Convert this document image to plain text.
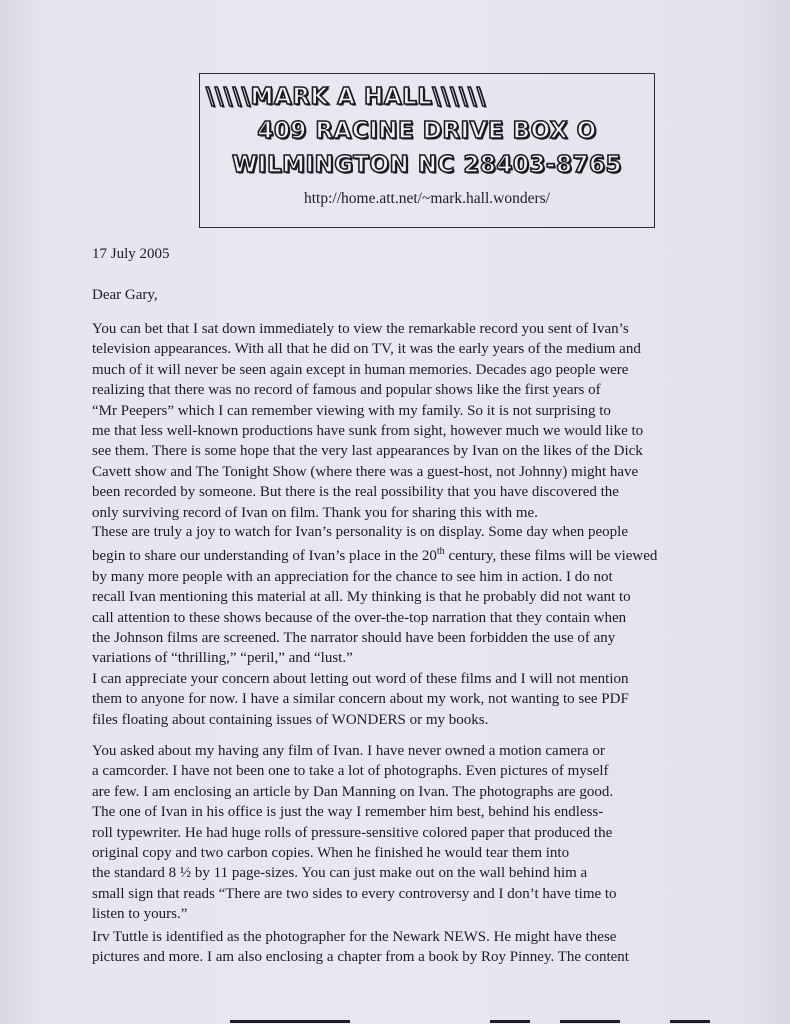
\\\\\MARK A HALL\\\\\\
409 RACINE DRIVE BOX O
WILMINGTON NC 28403-8765
http://home.att.net/~mark.hall.wonders/
17 July 2005
Dear Gary,
You can bet that I sat down immediately to view the remarkable record you sent of Ivan’s
television appearances. With all that he did on TV, it was the early years of the medium and
much of it will never be seen again except in human memories. Decades ago people were
realizing that there was no record of famous and popular shows like the first years of
“Mr Peepers” which I can remember viewing with my family. So it is not surprising to
me that less well-known productions have sunk from sight, however much we would like to
see them. There is some hope that the very last appearances by Ivan on the likes of the Dick
Cavett show and The Tonight Show (where there was a guest-host, not Johnny) might have
been recorded by someone. But there is the real possibility that you have discovered the
only surviving record of Ivan on film. Thank you for sharing this with me.
These are truly a joy to watch for Ivan’s personality is on display. Some day when people
begin to share our understanding of Ivan’s place in the 20th century, these films will be viewed
by many more people with an appreciation for the chance to see him in action. I do not
recall Ivan mentioning this material at all. My thinking is that he probably did not want to
call attention to these shows because of the over-the-top narration that they contain when
the Johnson films are screened. The narrator should have been forbidden the use of any
variations of “thrilling,” “peril,” and “lust.”
I can appreciate your concern about letting out word of these films and I will not mention
them to anyone for now. I have a similar concern about my work, not wanting to see PDF
files floating about containing issues of WONDERS or my books.
You asked about my having any film of Ivan. I have never owned a motion camera or
a camcorder. I have not been one to take a lot of photographs. Even pictures of myself
are few. I am enclosing an article by Dan Manning on Ivan. The photographs are good.
The one of Ivan in his office is just the way I remember him best, behind his endless-
roll typewriter. He had huge rolls of pressure-sensitive colored paper that produced the
original copy and two carbon copies. When he finished he would tear them into
the standard 8 ½ by 11 page-sizes. You can just make out on the wall behind him a
small sign that reads “There are two sides to every controversy and I don’t have time to
listen to yours.”
Irv Tuttle is identified as the photographer for the Newark NEWS. He might have these
pictures and more. I am also enclosing a chapter from a book by Roy Pinney. The content
